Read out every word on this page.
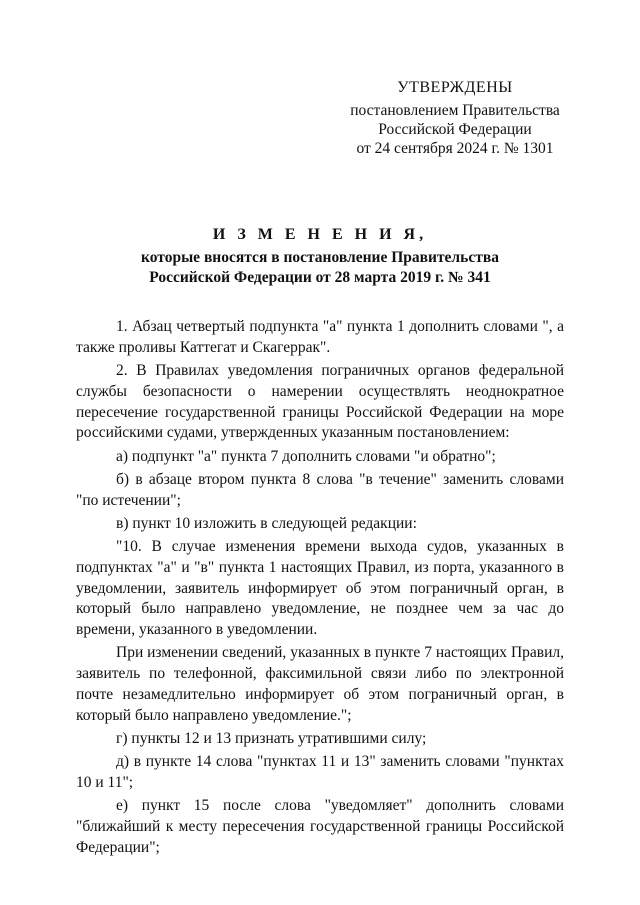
УТВЕРЖДЕНЫ
постановлением Правительства
Российской Федерации
от 24 сентября 2024 г. № 1301
И З М Е Н Е Н И Я,
которые вносятся в постановление Правительства
Российской Федерации от 28 марта 2019 г. № 341

1. Абзац четвертый подпункта "а" пункта 1 дополнить словами ", а также проливы Каттегат и Скагеррак".

2. В Правилах уведомления пограничных органов федеральной службы безопасности о намерении осуществлять неоднократное пересечение государственной границы Российской Федерации на море российскими судами, утвержденных указанным постановлением:

а) подпункт "а" пункта 7 дополнить словами "и обратно";

б) в абзаце втором пункта 8 слова "в течение" заменить словами "по истечении";

в) пункт 10 изложить в следующей редакции:

"10. В случае изменения времени выхода судов, указанных в подпунктах "а" и "в" пункта 1 настоящих Правил, из порта, указанного в уведомлении, заявитель информирует об этом пограничный орган, в который было направлено уведомление, не позднее чем за час до времени, указанного в уведомлении.

При изменении сведений, указанных в пункте 7 настоящих Правил, заявитель по телефонной, факсимильной связи либо по электронной почте незамедлительно информирует об этом пограничный орган, в который было направлено уведомление.";

г) пункты 12 и 13 признать утратившими силу;

д) в пункте 14 слова "пунктах 11 и 13" заменить словами "пунктах 10 и 11";

е) пункт 15 после слова "уведомляет" дополнить словами "ближайший к месту пересечения государственной границы Российской Федерации";
